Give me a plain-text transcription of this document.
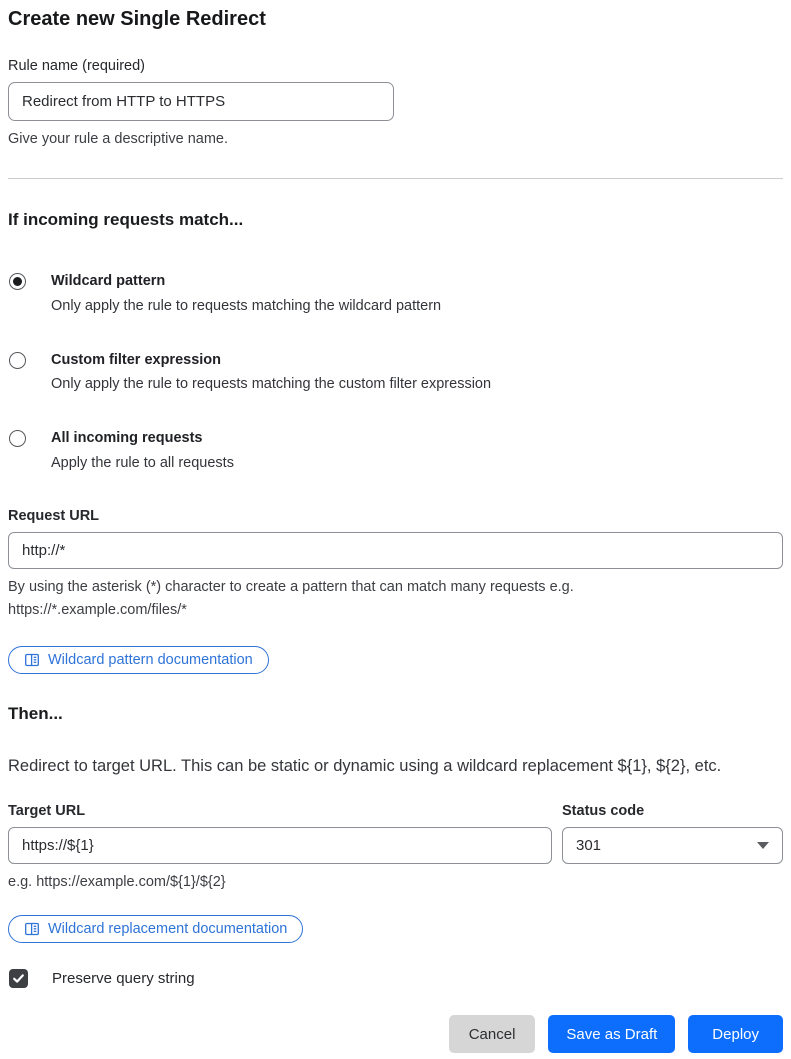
Create new Single Redirect
Rule name (required)
Redirect from HTTP to HTTPS
Give your rule a descriptive name.
If incoming requests match...
Wildcard pattern
Only apply the rule to requests matching the wildcard pattern
Custom filter expression
Only apply the rule to requests matching the custom filter expression
All incoming requests
Apply the rule to all requests
Request URL
http://*
By using the asterisk (*) character to create a pattern that can match many requests e.g.
https://*.example.com/files/*
Wildcard pattern documentation
Then...

Redirect to target URL. This can be static or dynamic using a wildcard replacement ${1}, ${2}, etc.

Target URL
https://${1}
e.g. https://example.com/${1}/${2}
Status code
301
Wildcard replacement documentation
Preserve query string
Cancel	Save as Draft	Deploy
